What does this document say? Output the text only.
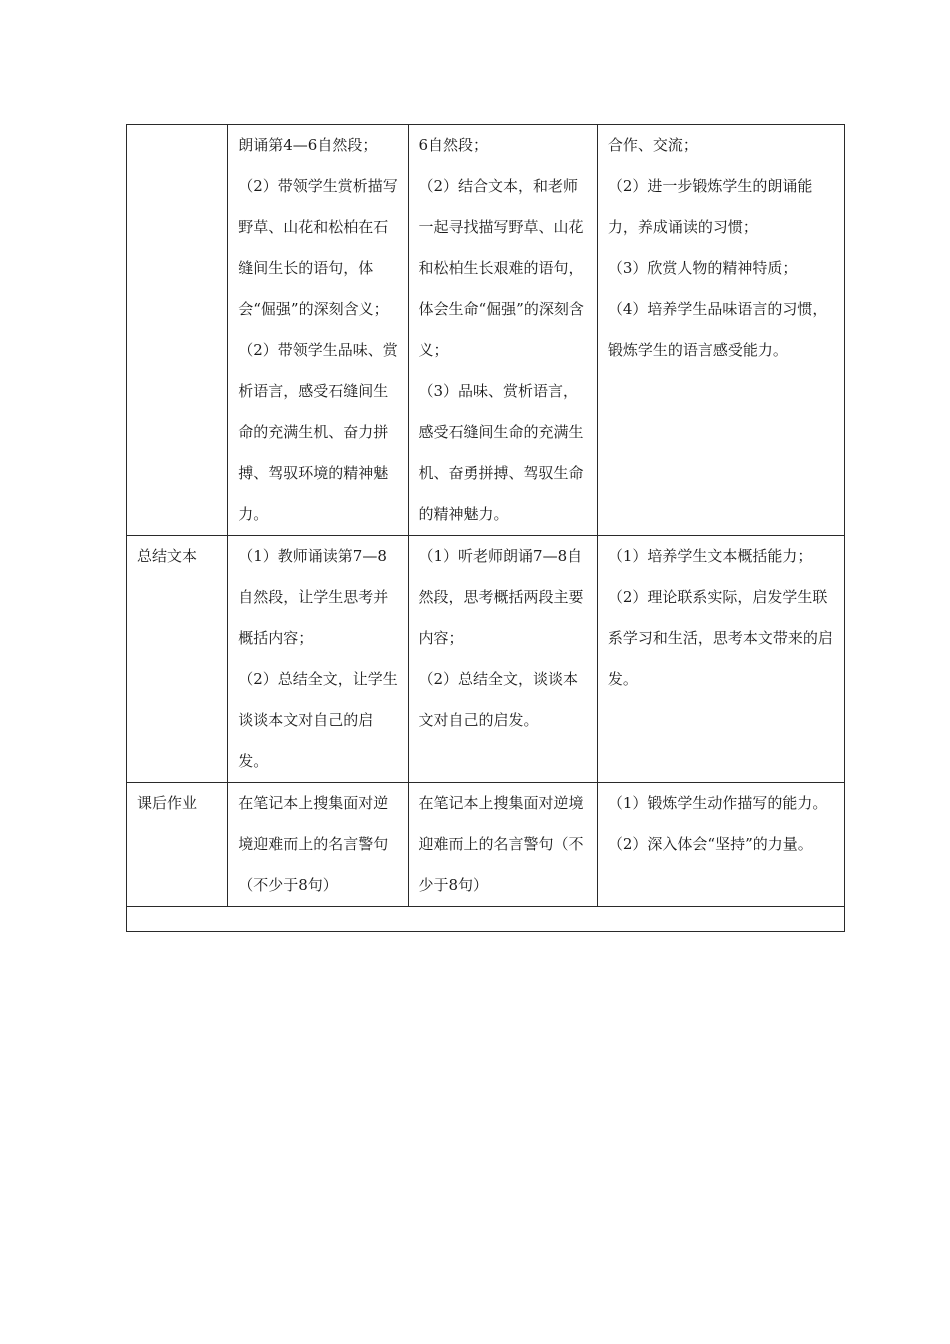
	朗诵第4—6自然段；
（2）带领学生赏析描写野草、山花和松柏在石缝间生长的语句，体会“倔强”的深刻含义；
（2）带领学生品味、赏析语言，感受石缝间生命的充满生机、奋力拼搏、驾驭环境的精神魅力。	6自然段；
（2）结合文本，和老师一起寻找描写野草、山花和松柏生长艰难的语句，体会生命“倔强”的深刻含义；
（3）品味、赏析语言，感受石缝间生命的充满生机、奋勇拼搏、驾驭生命的精神魅力。	合作、交流；
（2）进一步锻炼学生的朗诵能力，养成诵读的习惯；
（3）欣赏人物的精神特质；
（4）培养学生品味语言的习惯，锻炼学生的语言感受能力。

总结文本	（1）教师诵读第7—8自然段，让学生思考并概括内容；
（2）总结全文，让学生谈谈本文对自己的启发。	（1）听老师朗诵7—8自然段，思考概括两段主要内容；
（2）总结全文，谈谈本文对自己的启发。	（1）培养学生文本概括能力；
（2）理论联系实际，启发学生联系学习和生活，思考本文带来的启发。

课后作业	在笔记本上搜集面对逆境迎难而上的名言警句（不少于8句）	在笔记本上搜集面对逆境迎难而上的名言警句（不少于8句）	（1）锻炼学生动作描写的能力。
（2）深入体会“坚持”的力量。
